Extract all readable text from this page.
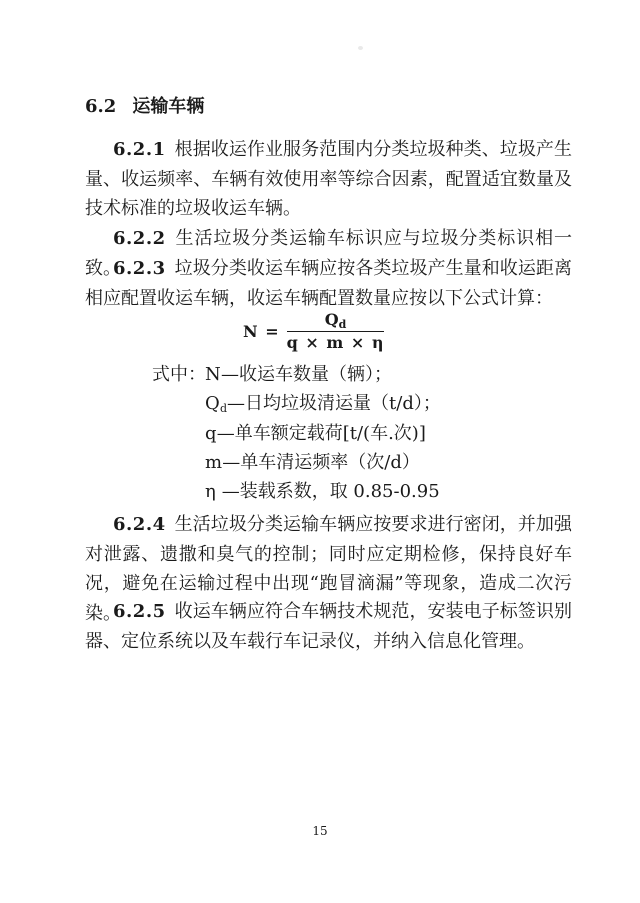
6.2 运输车辆
6.2.1 根据收运作业服务范围内分类垃圾种类、垃圾产生量、收运频率、车辆有效使用率等综合因素，配置适宜数量及技术标准的垃圾收运车辆。
6.2.2 生活垃圾分类运输车标识应与垃圾分类标识相一致。
6.2.3 垃圾分类收运车辆应按各类垃圾产生量和收运距离相应配置收运车辆，收运车辆配置数量应按以下公式计算：
$N = \frac{Q_d}{q \times m \times \eta}$
式中： N—收运车数量（辆）；
$Q_d—$日均垃圾清运量（t/d）；
q—单车额定载荷[t/(车.次)]
m—单车清运频率（次/d）
η —装载系数，取 0.85-0.95
6.2.4 生活垃圾分类运输车辆应按要求进行密闭，并加强对泄露、遗撒和臭气的控制；同时应定期检修，保持良好车况，避免在运输过程中出现“跑冒滴漏”等现象，造成二次污染。
6.2.5 收运车辆应符合车辆技术规范，安装电子标签识别器、定位系统以及车载行车记录仪，并纳入信息化管理。
15
